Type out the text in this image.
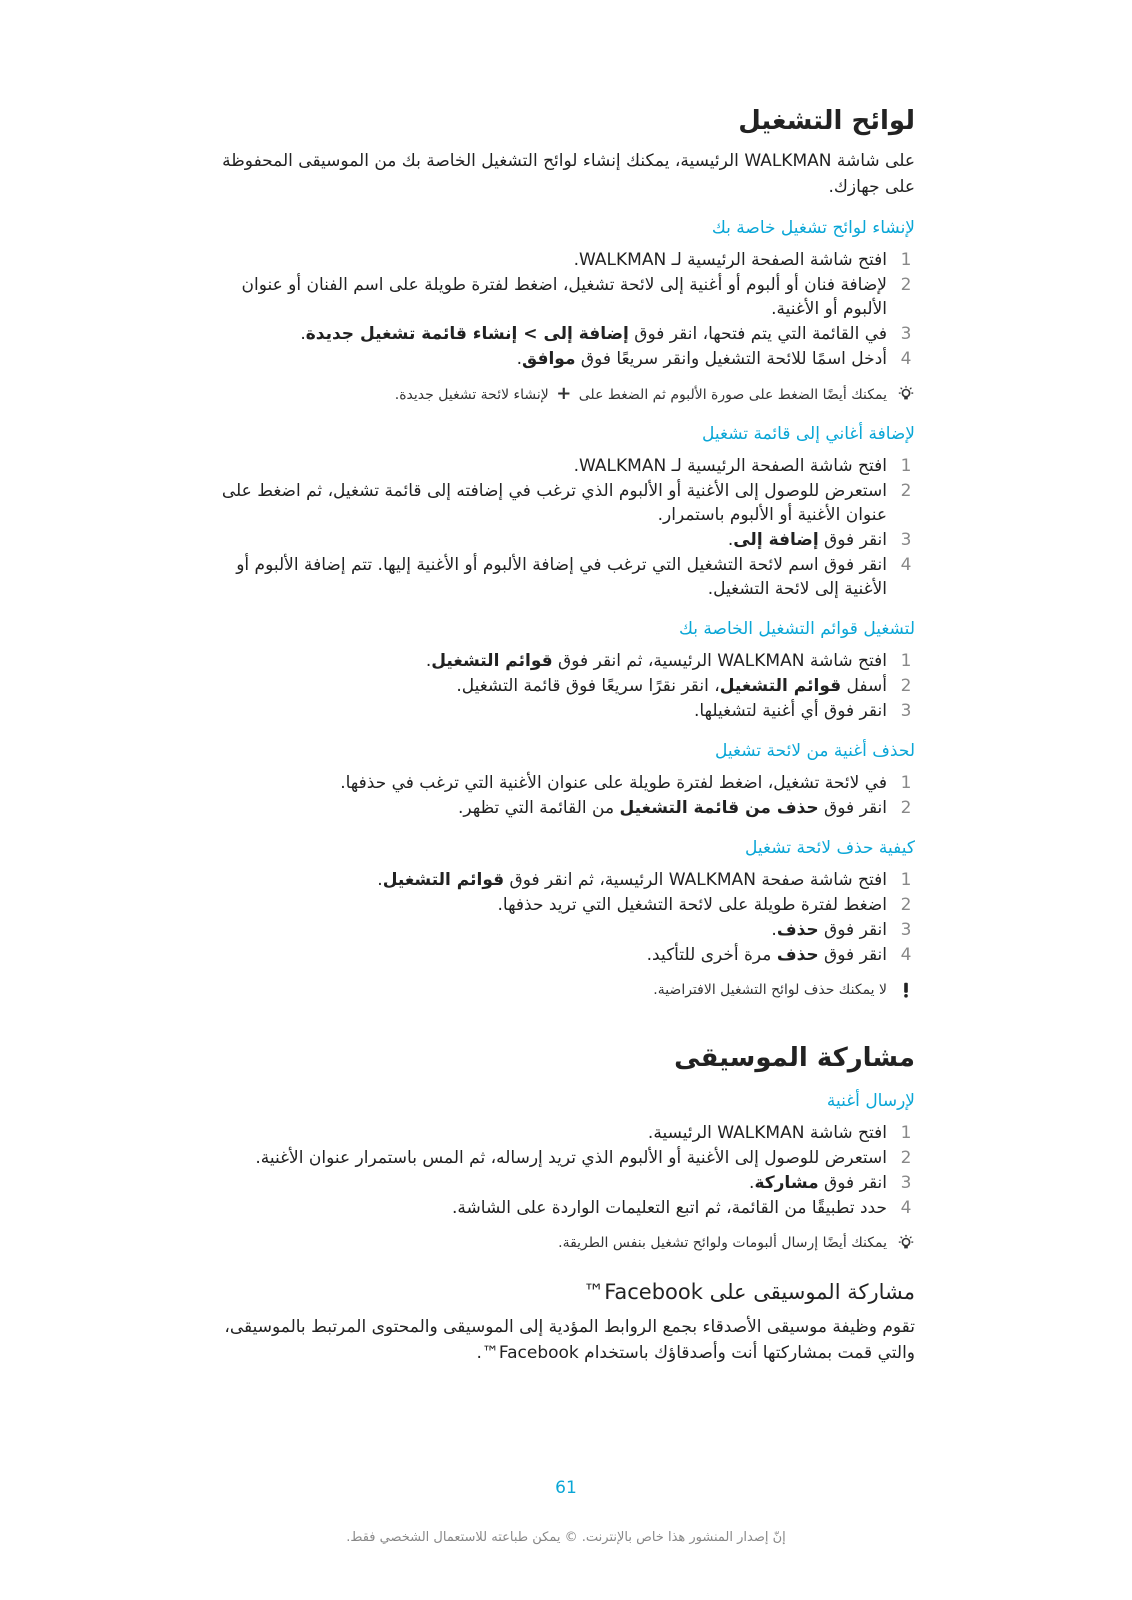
لوائح التشغيل

على شاشة WALKMAN الرئيسية، يمكنك إنشاء لوائح التشغيل الخاصة بك من الموسيقى المحفوظة على جهازك.

لإنشاء لوائح تشغيل خاصة بك
1
افتح شاشة الصفحة الرئيسية لـ WALKMAN.
2
لإضافة فنان أو ألبوم أو أغنية إلى لائحة تشغيل، اضغط لفترة طويلة على اسم الفنان أو عنوان الألبوم أو الأغنية.
3
في القائمة التي يتم فتحها، انقر فوق إضافة إلى > إنشاء قائمة تشغيل جديدة.
4
أدخل اسمًا للائحة التشغيل وانقر سريعًا فوق موافق.
يمكنك أيضًا الضغط على صورة الألبوم ثم الضغط على + لإنشاء لائحة تشغيل جديدة.
لإضافة أغاني إلى قائمة تشغيل
1
افتح شاشة الصفحة الرئيسية لـ WALKMAN.
2
استعرض للوصول إلى الأغنية أو الألبوم الذي ترغب في إضافته إلى قائمة تشغيل، ثم اضغط على عنوان الأغنية أو الألبوم باستمرار.
3
انقر فوق إضافة إلى.
4
انقر فوق اسم لائحة التشغيل التي ترغب في إضافة الألبوم أو الأغنية إليها. تتم إضافة الألبوم أو الأغنية إلى لائحة التشغيل.
لتشغيل قوائم التشغيل الخاصة بك
1
افتح شاشة WALKMAN الرئيسية، ثم انقر فوق قوائم التشغيل.
2
أسفل قوائم التشغيل، انقر نقرًا سريعًا فوق قائمة التشغيل.
3
انقر فوق أي أغنية لتشغيلها.
لحذف أغنية من لائحة تشغيل
1
في لائحة تشغيل، اضغط لفترة طويلة على عنوان الأغنية التي ترغب في حذفها.
2
انقر فوق حذف من قائمة التشغيل من القائمة التي تظهر.
كيفية حذف لائحة تشغيل
1
افتح شاشة صفحة WALKMAN الرئيسية، ثم انقر فوق قوائم التشغيل.
2
اضغط لفترة طويلة على لائحة التشغيل التي تريد حذفها.
3
انقر فوق حذف.
4
انقر فوق حذف مرة أخرى للتأكيد.
لا يمكنك حذف لوائح التشغيل الافتراضية.
مشاركة الموسيقى
لإرسال أغنية
1
افتح شاشة WALKMAN الرئيسية.
2
استعرض للوصول إلى الأغنية أو الألبوم الذي تريد إرساله، ثم المس باستمرار عنوان الأغنية.
3
انقر فوق مشاركة.
4
حدد تطبيقًا من القائمة، ثم اتبع التعليمات الواردة على الشاشة.
يمكنك أيضًا إرسال ألبومات ولوائح تشغيل بنفس الطريقة.
مشاركة الموسيقى على Facebook™

تقوم وظيفة موسيقى الأصدقاء بجمع الروابط المؤدية إلى الموسيقى والمحتوى المرتبط بالموسيقى، والتي قمت بمشاركتها أنت وأصدقاؤك باستخدام Facebook™.

61
إنّ إصدار المنشور هذا خاص بالإنترنت. © يمكن طباعته للاستعمال الشخصي فقط.
